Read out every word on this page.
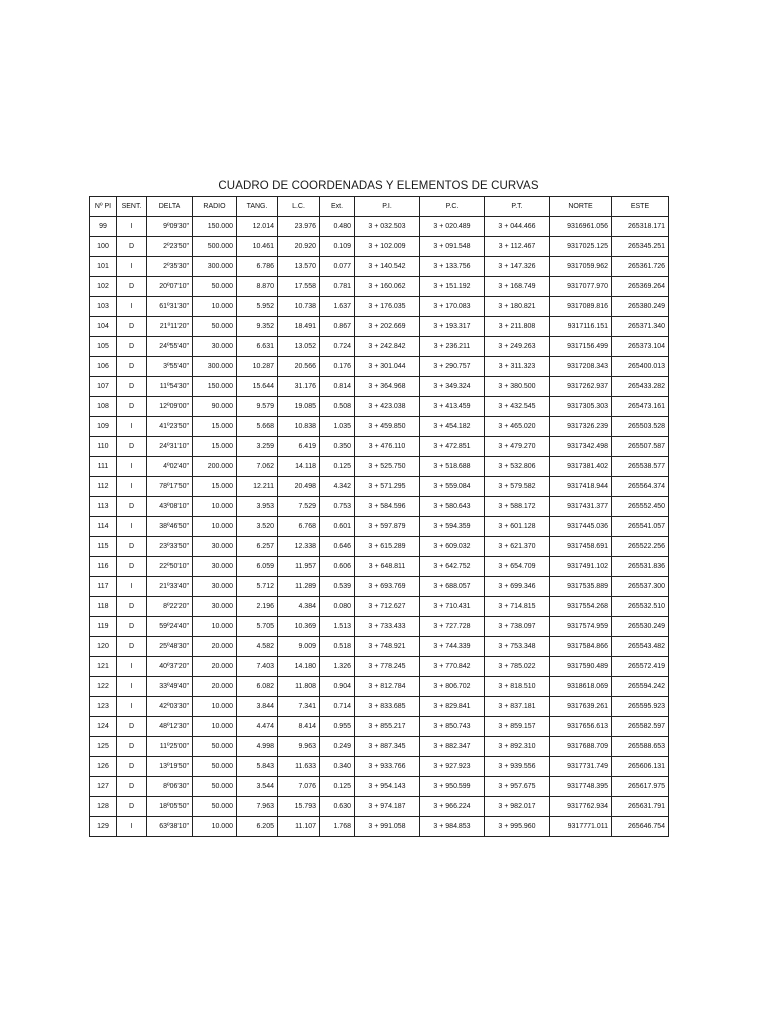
CUADRO DE COORDENADAS Y ELEMENTOS DE CURVAS
Nº PI	SENT.	DELTA	RADIO	TANG.	L.C.	Ext.	P.I.	P.C.	P.T.	NORTE	ESTE
99	I	9º09'30"	150.000	12.014	23.976	0.480	3 + 032.503	3 + 020.489	3 + 044.466	9316961.056	265318.171
100	D	2º23'50"	500.000	10.461	20.920	0.109	3 + 102.009	3 + 091.548	3 + 112.467	9317025.125	265345.251
101	I	2º35'30"	300.000	6.786	13.570	0.077	3 + 140.542	3 + 133.756	3 + 147.326	9317059.962	265361.726
102	D	20º07'10"	50.000	8.870	17.558	0.781	3 + 160.062	3 + 151.192	3 + 168.749	9317077.970	265369.264
103	I	61º31'30"	10.000	5.952	10.738	1.637	3 + 176.035	3 + 170.083	3 + 180.821	9317089.816	265380.249
104	D	21º11'20"	50.000	9.352	18.491	0.867	3 + 202.669	3 + 193.317	3 + 211.808	9317116.151	265371.340
105	D	24º55'40"	30.000	6.631	13.052	0.724	3 + 242.842	3 + 236.211	3 + 249.263	9317156.499	265373.104
106	D	3º55'40"	300.000	10.287	20.566	0.176	3 + 301.044	3 + 290.757	3 + 311.323	9317208.343	265400.013
107	D	11º54'30"	150.000	15.644	31.176	0.814	3 + 364.968	3 + 349.324	3 + 380.500	9317262.937	265433.282
108	D	12º09'00"	90.000	9.579	19.085	0.508	3 + 423.038	3 + 413.459	3 + 432.545	9317305.303	265473.161
109	I	41º23'50"	15.000	5.668	10.838	1.035	3 + 459.850	3 + 454.182	3 + 465.020	9317326.239	265503.528
110	D	24º31'10"	15.000	3.259	6.419	0.350	3 + 476.110	3 + 472.851	3 + 479.270	9317342.498	265507.587
111	I	4º02'40"	200.000	7.062	14.118	0.125	3 + 525.750	3 + 518.688	3 + 532.806	9317381.402	265538.577
112	I	78º17'50"	15.000	12.211	20.498	4.342	3 + 571.295	3 + 559.084	3 + 579.582	9317418.944	265564.374
113	D	43º08'10"	10.000	3.953	7.529	0.753	3 + 584.596	3 + 580.643	3 + 588.172	9317431.377	265552.450
114	I	38º46'50"	10.000	3.520	6.768	0.601	3 + 597.879	3 + 594.359	3 + 601.128	9317445.036	265541.057
115	D	23º33'50"	30.000	6.257	12.338	0.646	3 + 615.289	3 + 609.032	3 + 621.370	9317458.691	265522.256
116	D	22º50'10"	30.000	6.059	11.957	0.606	3 + 648.811	3 + 642.752	3 + 654.709	9317491.102	265531.836
117	I	21º33'40"	30.000	5.712	11.289	0.539	3 + 693.769	3 + 688.057	3 + 699.346	9317535.889	265537.300
118	D	8º22'20"	30.000	2.196	4.384	0.080	3 + 712.627	3 + 710.431	3 + 714.815	9317554.268	265532.510
119	D	59º24'40"	10.000	5.705	10.369	1.513	3 + 733.433	3 + 727.728	3 + 738.097	9317574.959	265530.249
120	D	25º48'30"	20.000	4.582	9.009	0.518	3 + 748.921	3 + 744.339	3 + 753.348	9317584.866	265543.482
121	I	40º37'20"	20.000	7.403	14.180	1.326	3 + 778.245	3 + 770.842	3 + 785.022	9317590.489	265572.419
122	I	33º49'40"	20.000	6.082	11.808	0.904	3 + 812.784	3 + 806.702	3 + 818.510	9318618.069	265594.242
123	I	42º03'30"	10.000	3.844	7.341	0.714	3 + 833.685	3 + 829.841	3 + 837.181	9317639.261	265595.923
124	D	48º12'30"	10.000	4.474	8.414	0.955	3 + 855.217	3 + 850.743	3 + 859.157	9317656.613	265582.597
125	D	11º25'00"	50.000	4.998	9.963	0.249	3 + 887.345	3 + 882.347	3 + 892.310	9317688.709	265588.653
126	D	13º19'50"	50.000	5.843	11.633	0.340	3 + 933.766	3 + 927.923	3 + 939.556	9317731.749	265606.131
127	D	8º06'30"	50.000	3.544	7.076	0.125	3 + 954.143	3 + 950.599	3 + 957.675	9317748.395	265617.975
128	D	18º05'50"	50.000	7.963	15.793	0.630	3 + 974.187	3 + 966.224	3 + 982.017	9317762.934	265631.791
129	I	63º38'10"	10.000	6.205	11.107	1.768	3 + 991.058	3 + 984.853	3 + 995.960	9317771.011	265646.754
